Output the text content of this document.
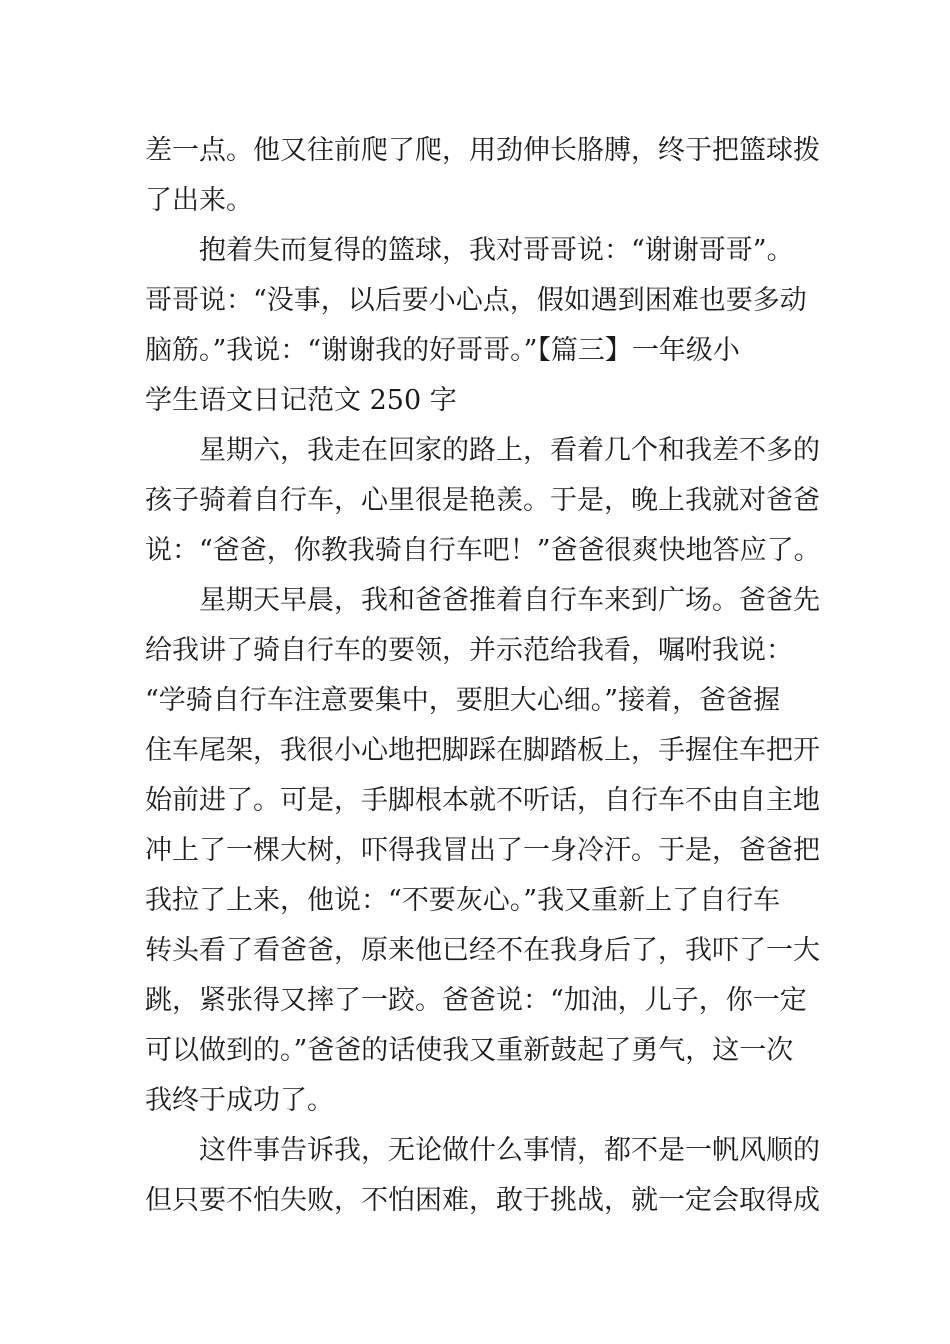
差一点。他又往前爬了爬，用劲伸长胳膊，终于把篮球拨
了出来。
抱着失而复得的篮球，我对哥哥说：“谢谢哥哥”。
哥哥说：“没事，以后要小心点，假如遇到困难也要多动
脑筋。”我说：“谢谢我的好哥哥。”【篇三】一年级小
学生语文日记范文 250 字
星期六，我走在回家的路上，看着几个和我差不多的
孩子骑着自行车，心里很是艳羡。于是，晚上我就对爸爸
说：“爸爸，你教我骑自行车吧！”爸爸很爽快地答应了。
星期天早晨，我和爸爸推着自行车来到广场。爸爸先
给我讲了骑自行车的要领，并示范给我看，嘱咐我说：
“学骑自行车注意要集中，要胆大心细。”接着，爸爸握
住车尾架，我很小心地把脚踩在脚踏板上，手握住车把开
始前进了。可是，手脚根本就不听话，自行车不由自主地
冲上了一棵大树，吓得我冒出了一身冷汗。于是，爸爸把
我拉了上来，他说：“不要灰心。”我又重新上了自行车
转头看了看爸爸，原来他已经不在我身后了，我吓了一大
跳，紧张得又摔了一跤。爸爸说：“加油，儿子，你一定
可以做到的。”爸爸的话使我又重新鼓起了勇气，这一次
我终于成功了。
这件事告诉我，无论做什么事情，都不是一帆风顺的
但只要不怕失败，不怕困难，敢于挑战，就一定会取得成
